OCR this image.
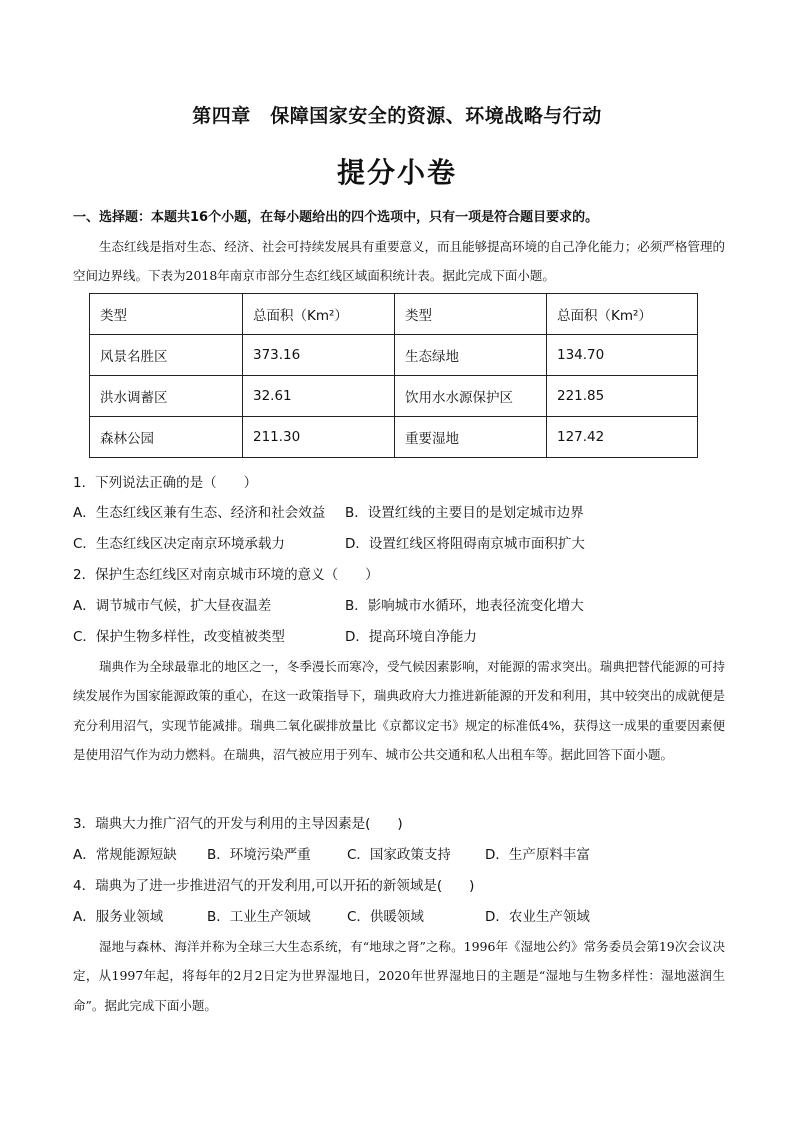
第四章　保障国家安全的资源、环境战略与行动
提分小卷
一、选择题：本题共16个小题，在每小题给出的四个选项中，只有一项是符合题目要求的。
生态红线是指对生态、经济、社会可持续发展具有重要意义，而且能够提高环境的自己净化能力；必须严格管理的空间边界线。下表为2018年南京市部分生态红线区域面积统计表。据此完成下面小题。
类型	总面积（Km²）	类型	总面积（Km²）
风景名胜区	373.16	生态绿地	134.70
洪水调蓄区	32.61	饮用水水源保护区	221.85
森林公园	211.30	重要湿地	127.42
1．下列说法正确的是（　　）
A．生态红线区兼有生态、经济和社会效益 B．设置红线的主要目的是划定城市边界
C．生态红线区决定南京环境承载力	D．设置红线区将阻碍南京城市面积扩大
2．保护生态红线区对南京城市环境的意义（　　）
A．调节城市气候，扩大昼夜温差	B．影响城市水循环，地表径流变化增大
C．保护生物多样性，改变植被类型	D．提高环境自净能力
瑞典作为全球最靠北的地区之一，冬季漫长而寒冷，受气候因素影响，对能源的需求突出。瑞典把替代能源的可持续发展作为国家能源政策的重心，在这一政策指导下，瑞典政府大力推进新能源的开发和利用，其中较突出的成就便是充分利用沼气，实现节能减排。瑞典二氧化碳排放量比《京都议定书》规定的标准低4%，获得这一成果的重要因素便是使用沼气作为动力燃料。在瑞典，沼气被应用于列车、城市公共交通和私人出租车等。据此回答下面小题。
3．瑞典大力推广沼气的开发与利用的主导因素是(　　)
A．常规能源短缺 B．环境污染严重	C．国家政策支持	D．生产原料丰富
4．瑞典为了进一步推进沼气的开发利用,可以开拓的新领域是(　　)
A．服务业领域	B．工业生产领域	C．供暖领域	D．农业生产领域
湿地与森林、海洋并称为全球三大生态系统，有“地球之肾”之称。1996年《湿地公约》常务委员会第19次会议决定，从1997年起，将每年的2月2日定为世界湿地日，2020年世界湿地日的主题是“湿地与生物多样性：湿地滋润生命”。据此完成下面小题。
